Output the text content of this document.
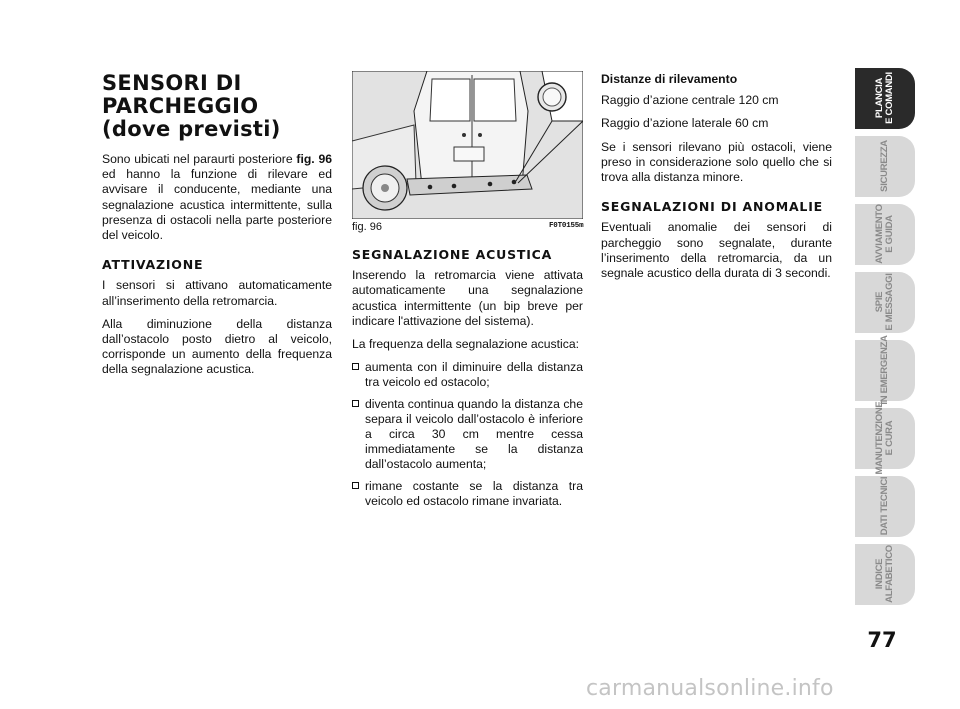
SENSORI DI
PARCHEGGIO
(dove previsti)

Sono ubicati nel paraurti posteriore fig. 96 ed hanno la funzione di rilevare ed avvisare il conducente, mediante una segnalazione acustica intermittente, sulla presenza di ostacoli nella parte posteriore del veicolo.

ATTIVAZIONE

I sensori si attivano automaticamente all’inserimento della retromarcia.

Alla diminuzione della distanza dall’ostacolo posto dietro al veicolo, corrisponde un aumento della frequenza della segnalazione acustica.

fig. 96	F0T0155m
SEGNALAZIONE ACUSTICA

Inserendo la retromarcia viene attivata automaticamente una segnalazione acustica intermittente (un bip breve per indicare l'attivazione del sistema).

La frequenza della segnalazione acustica:

aumenta con il diminuire della distanza tra veicolo ed ostacolo;
diventa continua quando la distanza che separa il veicolo dall’ostacolo è inferiore a circa 30 cm mentre cessa immediatamente se la distanza dall’ostacolo aumenta;
rimane costante se la distanza tra veicolo ed ostacolo rimane invariata.
Distanze di rilevamento

Raggio d’azione centrale 120 cm

Raggio d’azione laterale 60 cm

Se i sensori rilevano più ostacoli, viene preso in considerazione solo quello che si trova alla distanza minore.

SEGNALAZIONI DI ANOMALIE

Eventuali anomalie dei sensori di parcheggio sono segnalate, durante l’inserimento della retromarcia, da un segnale acustico della durata di 3 secondi.

PLANCIA
E COMANDI
SICUREZZA
AVVIAMENTO
E GUIDA
SPIE
E MESSAGGI
IN EMERGENZA
MANUTENZIONE
E CURA
DATI TECNICI
INDICE
ALFABETICO
77
carmanualsonline.info
